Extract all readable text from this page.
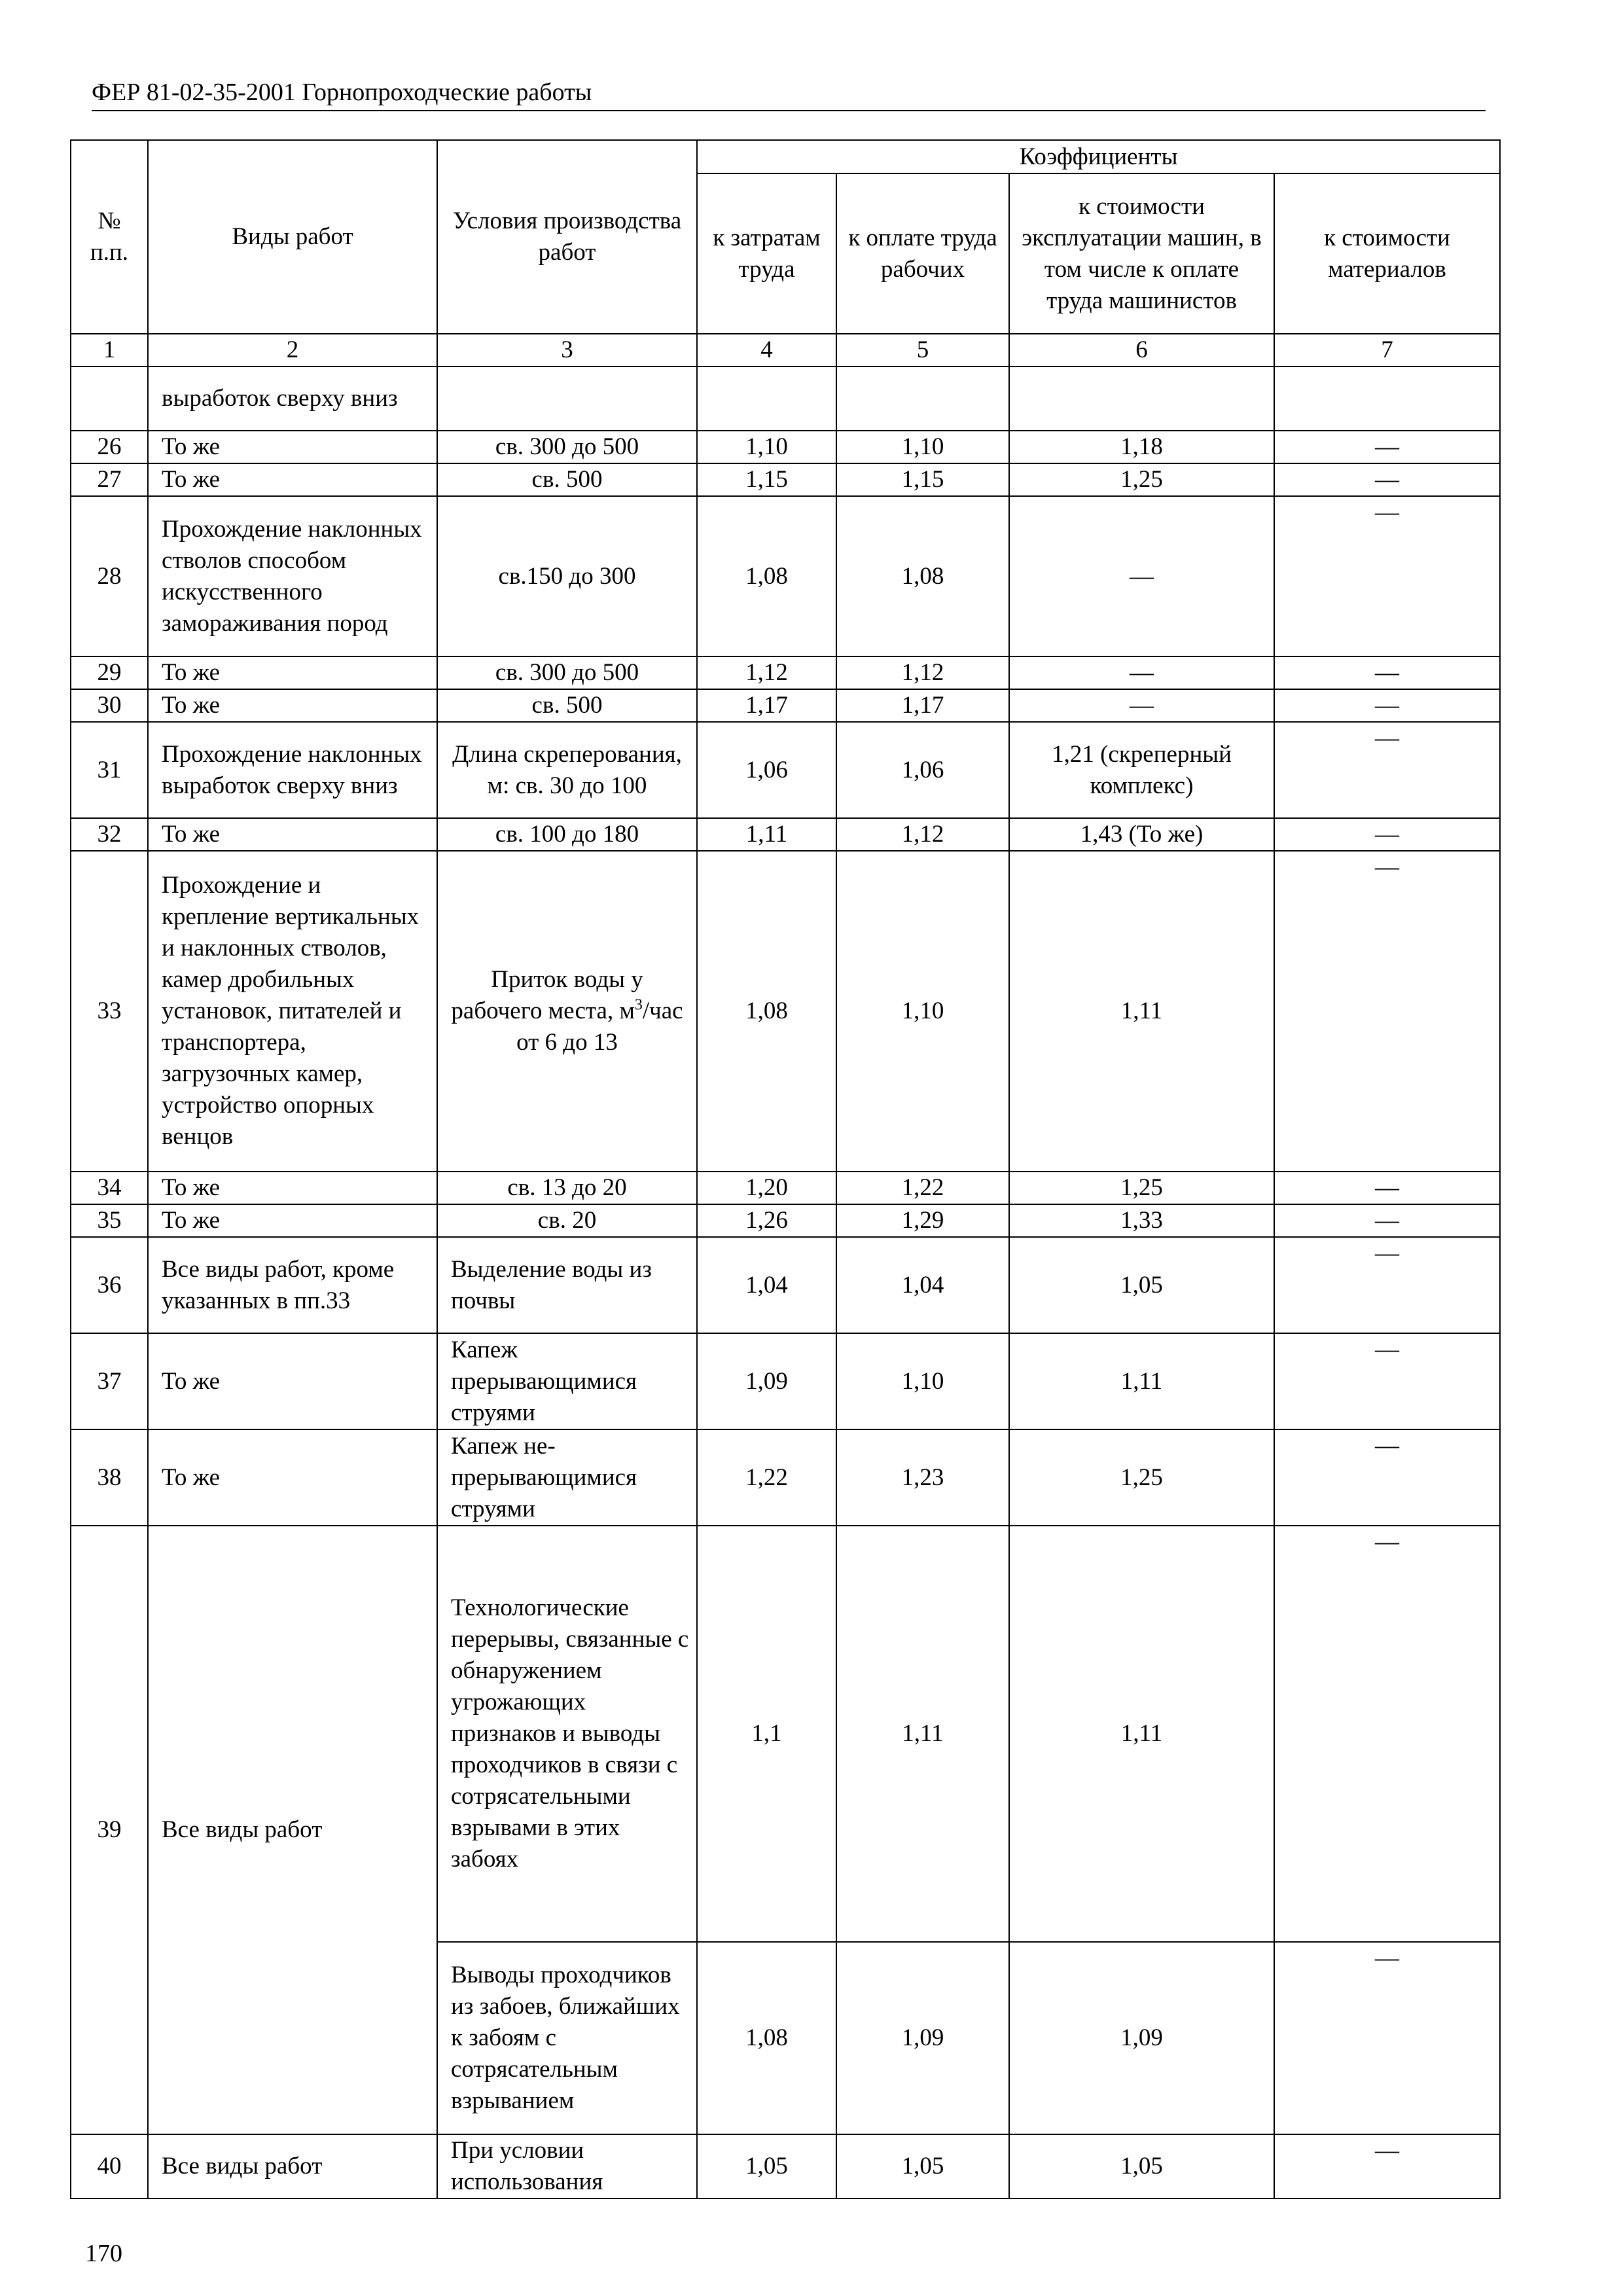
ФЕР 81-02-35-2001 Горнопроходческие работы
№ п.п.	Виды работ	Условия производства работ	Коэффициенты			
			к затратам труда	к оплате труда рабочих	к стоимости эксплуатации машин, в том числе к оплате труда машинистов	к стоимости материалов
1	2	3	4	5	6	7
	выработок сверху вниз					
26	То же	св. 300 до 500	1,10	1,10	1,18	—
27	То же	св. 500	1,15	1,15	1,25	—
28	Прохождение наклонных стволов способом искусственного замораживания пород	св.150 до 300	1,08	1,08	—	—
29	То же	св. 300 до 500	1,12	1,12	—	—
30	То же	св. 500	1,17	1,17	—	—
31	Прохождение наклонных выработок сверху вниз	Длина скреперования, м: св. 30 до 100	1,06	1,06	1,21 (скреперный комплекс)	—
32	То же	св. 100 до 180	1,11	1,12	1,43 (То же)	—
33	Прохождение и крепление вертикальных и наклонных стволов, камер дробильных установок, питателей и транспортера, загрузочных камер, устройство опорных венцов	Приток воды у рабочего места, $м^3$/час от 6 до 13	1,08	1,10	1,11	—
34	То же	св. 13 до 20	1,20	1,22	1,25	—
35	То же	св. 20	1,26	1,29	1,33	—
36	Все виды работ, кроме указанных в пп.33	Выделение воды из почвы	1,04	1,04	1,05	—
37	То же	Капеж прерывающимися струями	1,09	1,10	1,11	—
38	То же	Капеж не-прерывающимися струями	1,22	1,23	1,25	—
39	Все виды работ	Технологические перерывы, связанные с обнаружением угрожающих признаков и выводы проходчиков в связи с сотрясательными взрывами в этих забоях	1,1	1,11	1,11	—
		Выводы проходчиков из забоев, ближайших к забоям с сотрясательным взрыванием	1,08	1,09	1,09	—
40	Все виды работ	При условии использования	1,05	1,05	1,05	—
170
